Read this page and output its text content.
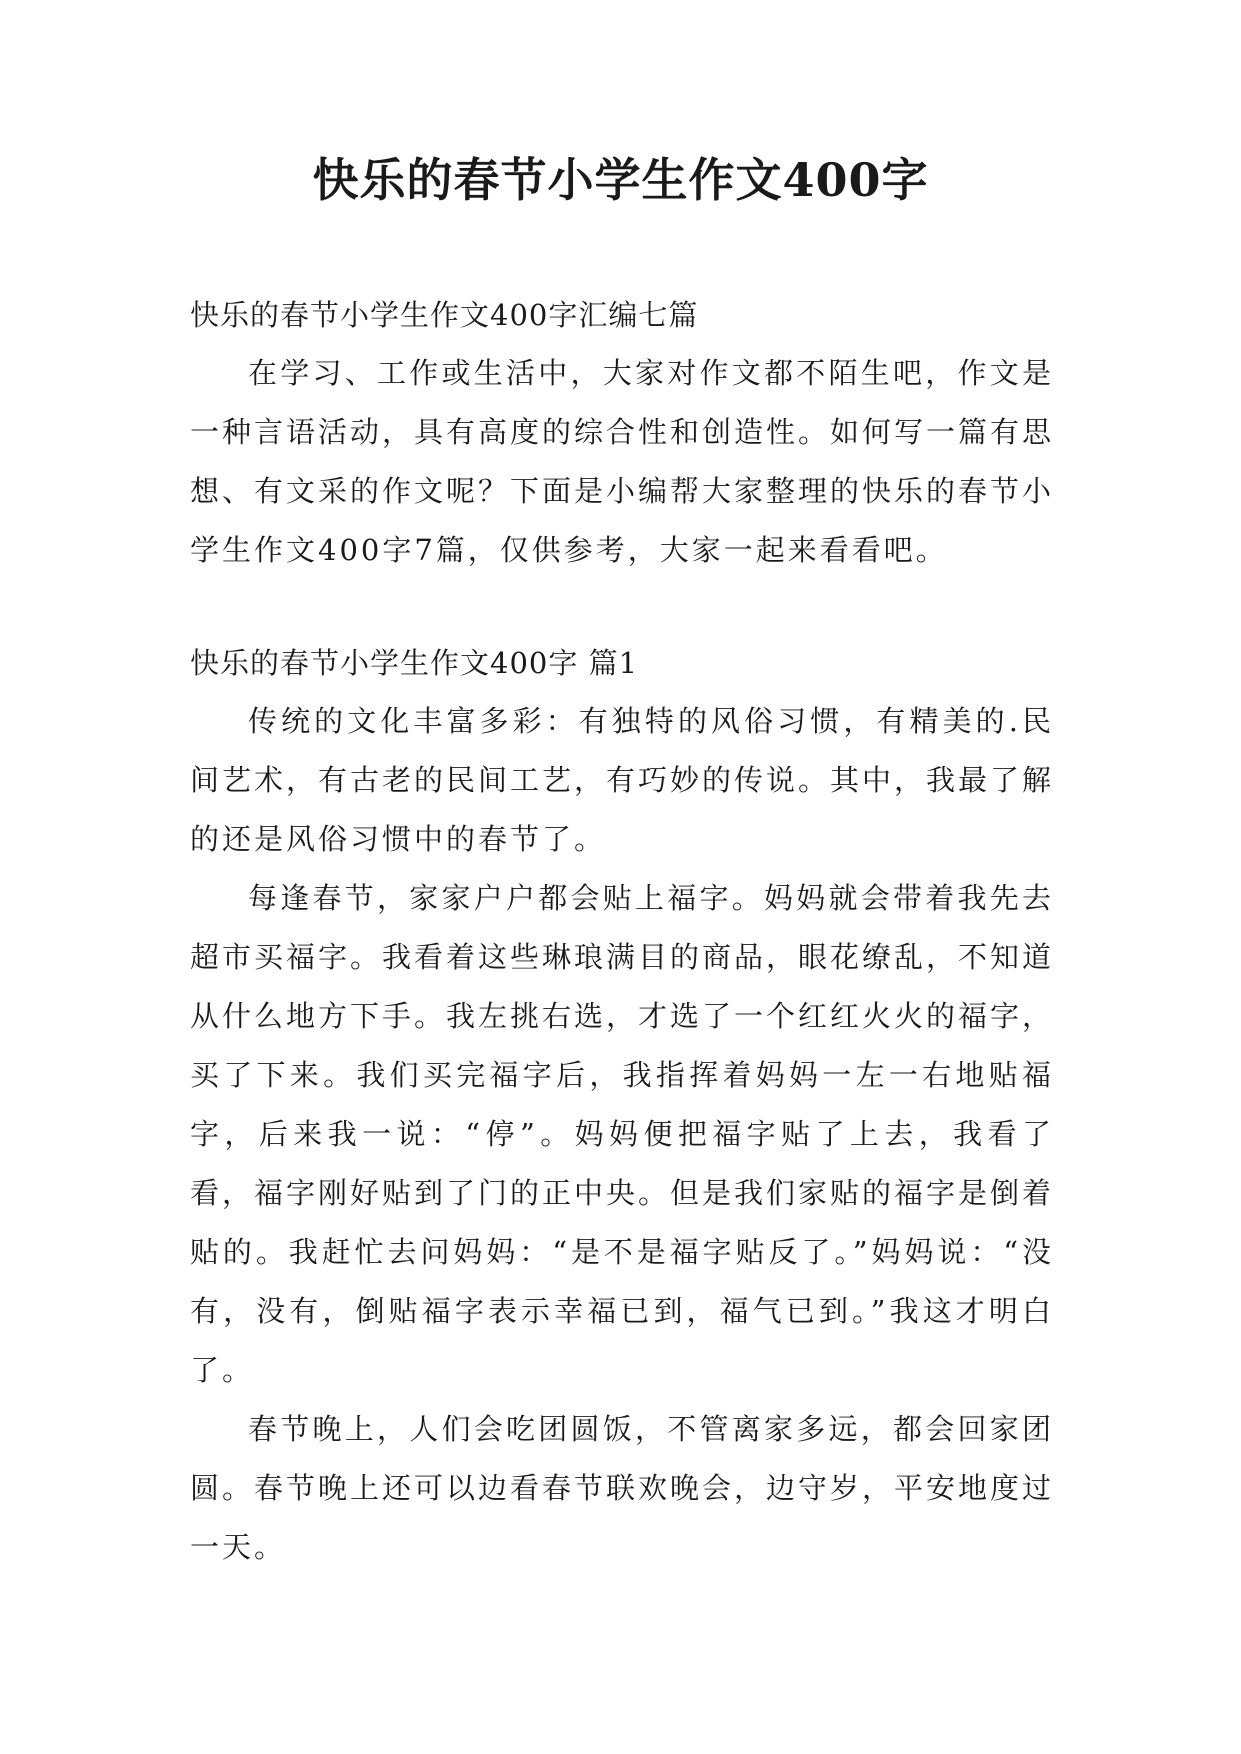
快乐的春节小学生作文400字
快乐的春节小学生作文400字汇编七篇

在学习、工作或生活中，大家对作文都不陌生吧，作文是一种言语活动，具有高度的综合性和创造性。如何写一篇有思想、有文采的作文呢？下面是小编帮大家整理的快乐的春节小学生作文400字7篇，仅供参考，大家一起来看看吧。

快乐的春节小学生作文400字 篇1

传统的文化丰富多彩：有独特的风俗习惯，有精美的.民间艺术，有古老的民间工艺，有巧妙的传说。其中，我最了解的还是风俗习惯中的春节了。

每逢春节，家家户户都会贴上福字。妈妈就会带着我先去超市买福字。我看着这些琳琅满目的商品，眼花缭乱，不知道从什么地方下手。我左挑右选，才选了一个红红火火的福字，买了下来。我们买完福字后，我指挥着妈妈一左一右地贴福字，后来我一说：“停”。妈妈便把福字贴了上去，我看了看，福字刚好贴到了门的正中央。但是我们家贴的福字是倒着贴的。我赶忙去问妈妈：“是不是福字贴反了。”妈妈说：“没有，没有，倒贴福字表示幸福已到，福气已到。”我这才明白了。

春节晚上，人们会吃团圆饭，不管离家多远，都会回家团圆。春节晚上还可以边看春节联欢晚会，边守岁，平安地度过一天。
